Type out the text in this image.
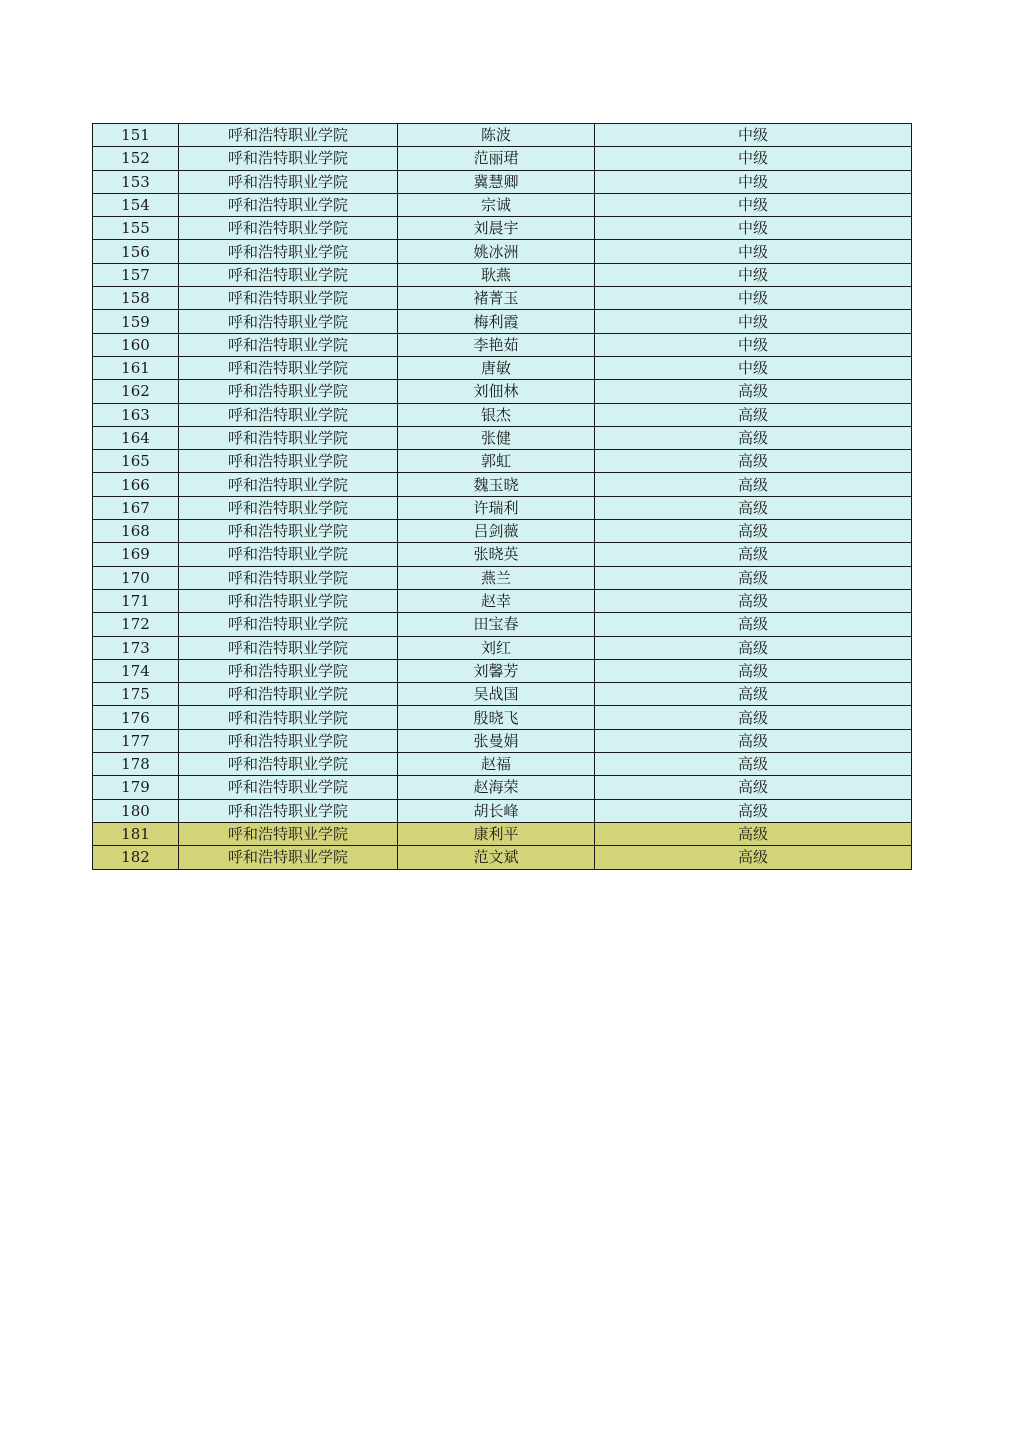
151	呼和浩特职业学院	陈波	中级
152	呼和浩特职业学院	范丽珺	中级
153	呼和浩特职业学院	冀慧卿	中级
154	呼和浩特职业学院	宗诚	中级
155	呼和浩特职业学院	刘晨宇	中级
156	呼和浩特职业学院	姚冰洲	中级
157	呼和浩特职业学院	耿燕	中级
158	呼和浩特职业学院	褚菁玉	中级
159	呼和浩特职业学院	梅利霞	中级
160	呼和浩特职业学院	李艳茹	中级
161	呼和浩特职业学院	唐敏	中级
162	呼和浩特职业学院	刘佃林	高级
163	呼和浩特职业学院	银杰	高级
164	呼和浩特职业学院	张健	高级
165	呼和浩特职业学院	郭虹	高级
166	呼和浩特职业学院	魏玉晓	高级
167	呼和浩特职业学院	许瑞利	高级
168	呼和浩特职业学院	吕剑薇	高级
169	呼和浩特职业学院	张晓英	高级
170	呼和浩特职业学院	燕兰	高级
171	呼和浩特职业学院	赵幸	高级
172	呼和浩特职业学院	田宝春	高级
173	呼和浩特职业学院	刘红	高级
174	呼和浩特职业学院	刘馨芳	高级
175	呼和浩特职业学院	吴战国	高级
176	呼和浩特职业学院	殷晓飞	高级
177	呼和浩特职业学院	张曼娟	高级
178	呼和浩特职业学院	赵福	高级
179	呼和浩特职业学院	赵海荣	高级
180	呼和浩特职业学院	胡长峰	高级
181	呼和浩特职业学院	康利平	高级
182	呼和浩特职业学院	范文斌	高级
